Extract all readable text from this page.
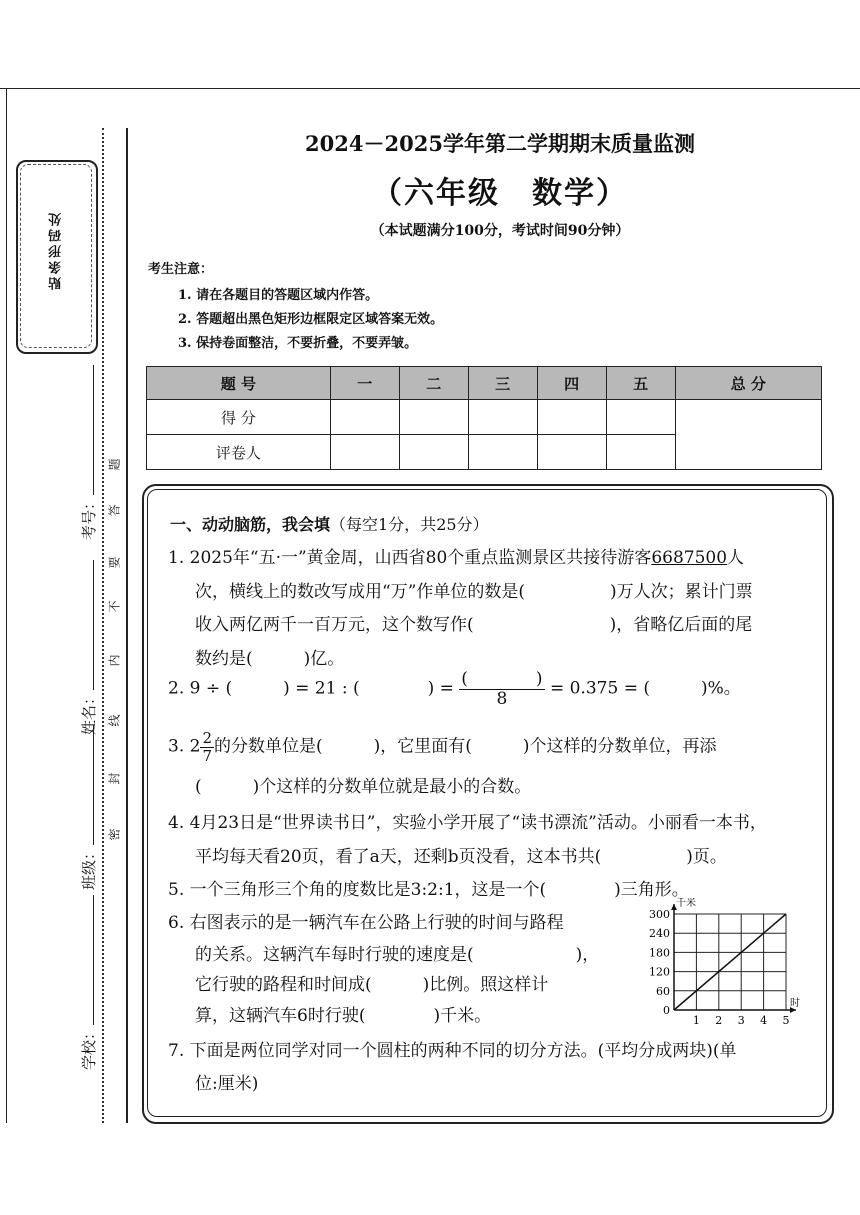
贴条形码处
考号：
姓名：
班级：
学校：
密
封
线
内
不
要
答
题
2024－2025学年第二学期期末质量监测
（六年级　数学）
（本试题满分100分，考试时间90分钟）
考生注意：
1. 请在各题目的答题区域内作答。
2. 答题超出黑色矩形边框限定区域答案无效。
3. 保持卷面整洁，不要折叠，不要弄皱。
题 号	一	二	三	四	五	总 分
得 分						
评卷人						
一、动动脑筋，我会填（每空1分，共25分）
1. 2025年“五·一”黄金周，山西省80个重点监测景区共接待游客6687500人
次，横线上的数改写成用“万”作单位的数是(　　　　　)万人次；累计门票
收入两亿两千一百万元，这个数写作(　　　　　　　　)，省略亿后面的尾
数约是(　　　)亿。
2. 9 ÷ (　　　) = 21 : (　　　　) = $\frac{( )}{8} = 0.375$ = (　　　)%。
3. $2 \frac{2}{7}$ 的分数单位是(　　　)，它里面有(　　　)个这样的分数单位，再添
(　　　)个这样的分数单位就是最小的合数。
4. 4月23日是“世界读书日”，实验小学开展了“读书漂流”活动。小丽看一本书，
平均每天看20页，看了a天，还剩b页没看，这本书共(　　　　　)页。
5. 一个三角形三个角的度数比是3:2:1，这是一个(　　　　)三角形。
6. 右图表示的是一辆汽车在公路上行驶的时间与路程
的关系。这辆汽车每时行驶的速度是(　　　　　　)，
它行驶的路程和时间成(　　　)比例。照这样计
算，这辆汽车6时行驶(　　　　)千米。	1 2 3 4 5
0
60
120
180
240
300
千米
时
7. 下面是两位同学对同一个圆柱的两种不同的切分方法。(平均分成两块)(单
位:厘米)
